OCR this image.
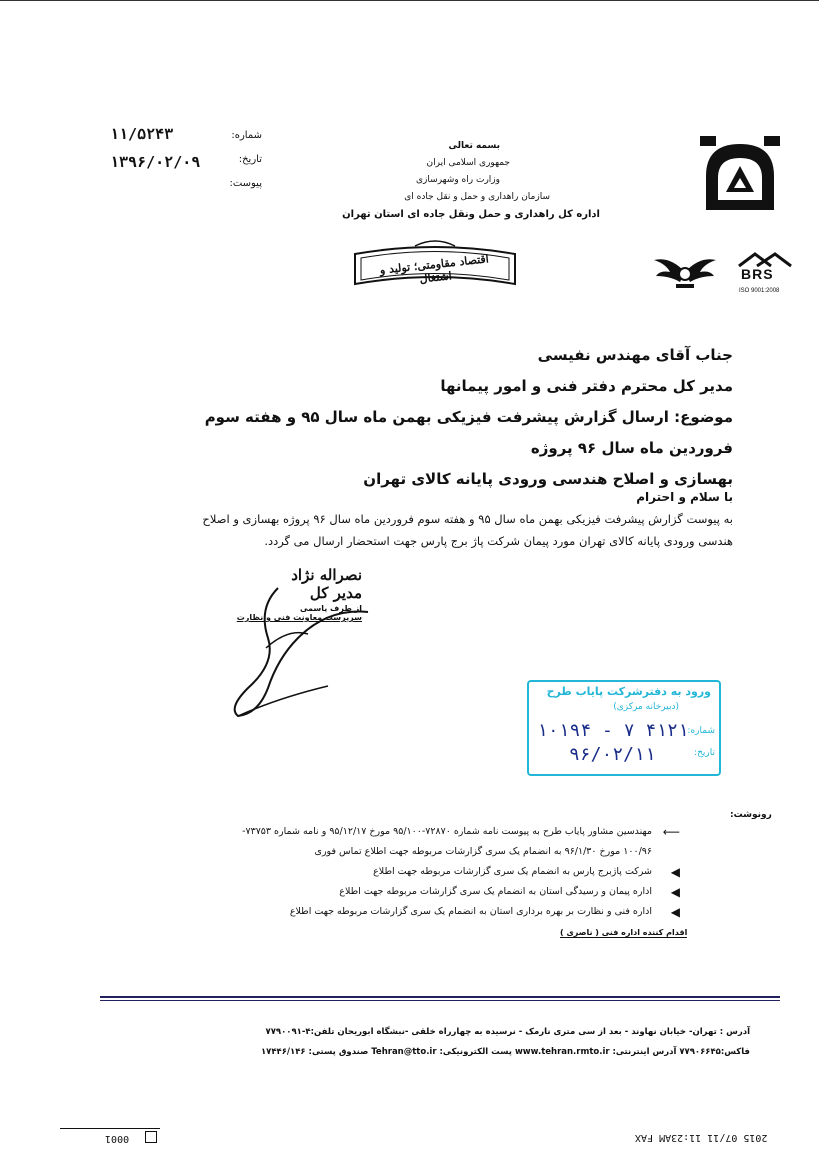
BRS
ISO 9001:2008
شماره:
تاریخ:
پیوست:
۱۱/۵۲۴۳
۱۳۹۶/۰۲/۰۹
بسمه تعالی
جمهوری اسلامی ایران
وزارت راه وشهرسازی
سازمان راهداری و حمل و نقل جاده ای
اداره کل راهداری و حمل ونقل جاده ای استان تهران
اقتصاد مقاومتی؛ تولید و اشتغال
جناب آقای مهندس نفیسی
مدیر کل محترم دفتر فنی و امور پیمانها
موضوع: ارسال گزارش پیشرفت فیزیکی بهمن ماه سال ۹۵ و هفته سوم فروردین ماه سال ۹۶ پروژه
بهسازی و اصلاح هندسی ورودی پایانه کالای تهران
با سلام و احترام
به پیوست گزارش پیشرفت فیزیکی بهمن ماه سال ۹۵ و هفته سوم فروردین ماه سال ۹۶ پروژه بهسازی و اصلاح
هندسی ورودی پایانه کالای تهران مورد پیمان شرکت پاژ برج پارس جهت استحضار ارسال می گردد.
نصراله نژاد
مدیر کل
از طرف یاسمی
سرپرست معاونت فنی و نظارت
ورود به دفترشرکت پایاب طرح
(دبیرخانه مرکزی)
شماره:
تاریخ:
۱۰۱۹۴ - ۷ ۴۱۲۱
۹۶/۰۲/۱۱
رونوشت:
⟵
مهندسین مشاور پایاب طرح به پیوست نامه شماره ۷۲۸۷۰-۹۵/۱۰۰ مورخ ۹۵/۱۲/۱۷ و نامه شماره ۷۳۷۵۳-
۱۰۰/۹۶ مورخ ۹۶/۱/۳۰ به انضمام یک سری گزارشات مربوطه جهت اطلاع تماس فوری
◀
شرکت پاژبرج پارس به انضمام یک سری گزارشات مربوطه جهت اطلاع
◀
اداره پیمان و رسیدگی استان به انضمام یک سری گزارشات مربوطه جهت اطلاع
◀
اداره فنی و نظارت بر بهره برداری استان به انضمام یک سری گزارشات مربوطه جهت اطلاع
اقدام کننده اداره فنی ( ناصری )
آدرس : تهران- خیابان نهاوند - بعد از سی متری نارمک - نرسیده به چهارراه خلقی -نبشگاه ابوریحان تلفن:۴-۷۷۹۰۰۹۱
فاکس:۷۷۹۰۶۶۴۵ آدرس اینترنتی: www.tehran.rmto.ir پست الکترونیکی: Tehran@tto.ir صندوق پستی: ۱۷۴۴۶/۱۴۶
0001	2015 07/11 11:23AM FAX
